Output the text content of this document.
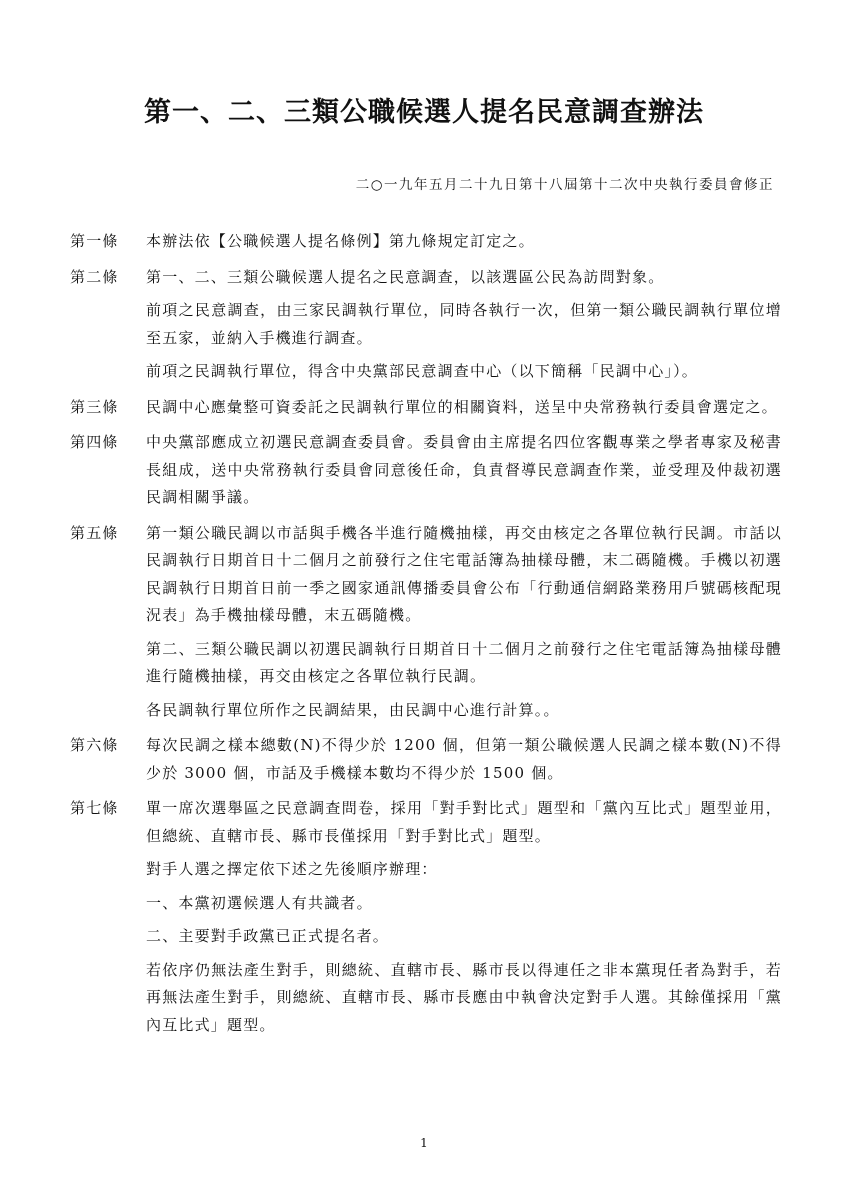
第一、二、三類公職候選人提名民意調查辦法
二○一九年五月二十九日第十八屆第十二次中央執行委員會修正
第一條	本辦法依【公職候選人提名條例】第九條規定訂定之。

第二條	第一、二、三類公職候選人提名之民意調查，以該選區公民為訪問對象。

前項之民意調查，由三家民調執行單位，同時各執行一次，但第一類公職民調執行單位增至五家，並納入手機進行調查。

前項之民調執行單位，得含中央黨部民意調查中心（以下簡稱「民調中心」）。

第三條	民調中心應彙整可資委託之民調執行單位的相關資料，送呈中央常務執行委員會選定之。

第四條	中央黨部應成立初選民意調查委員會。委員會由主席提名四位客觀專業之學者專家及秘書長組成，送中央常務執行委員會同意後任命，負責督導民意調查作業，並受理及仲裁初選民調相關爭議。

第五條	第一類公職民調以市話與手機各半進行隨機抽樣，再交由核定之各單位執行民調。市話以民調執行日期首日十二個月之前發行之住宅電話簿為抽樣母體，末二碼隨機。手機以初選民調執行日期首日前一季之國家通訊傳播委員會公布「行動通信網路業務用戶號碼核配現況表」為手機抽樣母體，末五碼隨機。

第二、三類公職民調以初選民調執行日期首日十二個月之前發行之住宅電話簿為抽樣母體進行隨機抽樣，再交由核定之各單位執行民調。

各民調執行單位所作之民調結果，由民調中心進行計算。。

第六條	每次民調之樣本總數(N)不得少於 1200 個，但第一類公職候選人民調之樣本數(N)不得少於 3000 個，市話及手機樣本數均不得少於 1500 個。

第七條	單一席次選舉區之民意調查問卷，採用「對手對比式」題型和「黨內互比式」題型並用，但總統、直轄市長、縣市長僅採用「對手對比式」題型。

對手人選之擇定依下述之先後順序辦理：

一、本黨初選候選人有共識者。

二、主要對手政黨已正式提名者。

若依序仍無法產生對手，則總統、直轄市長、縣市長以得連任之非本黨現任者為對手，若再無法產生對手，則總統、直轄市長、縣市長應由中執會決定對手人選。其餘僅採用「黨內互比式」題型。

1
